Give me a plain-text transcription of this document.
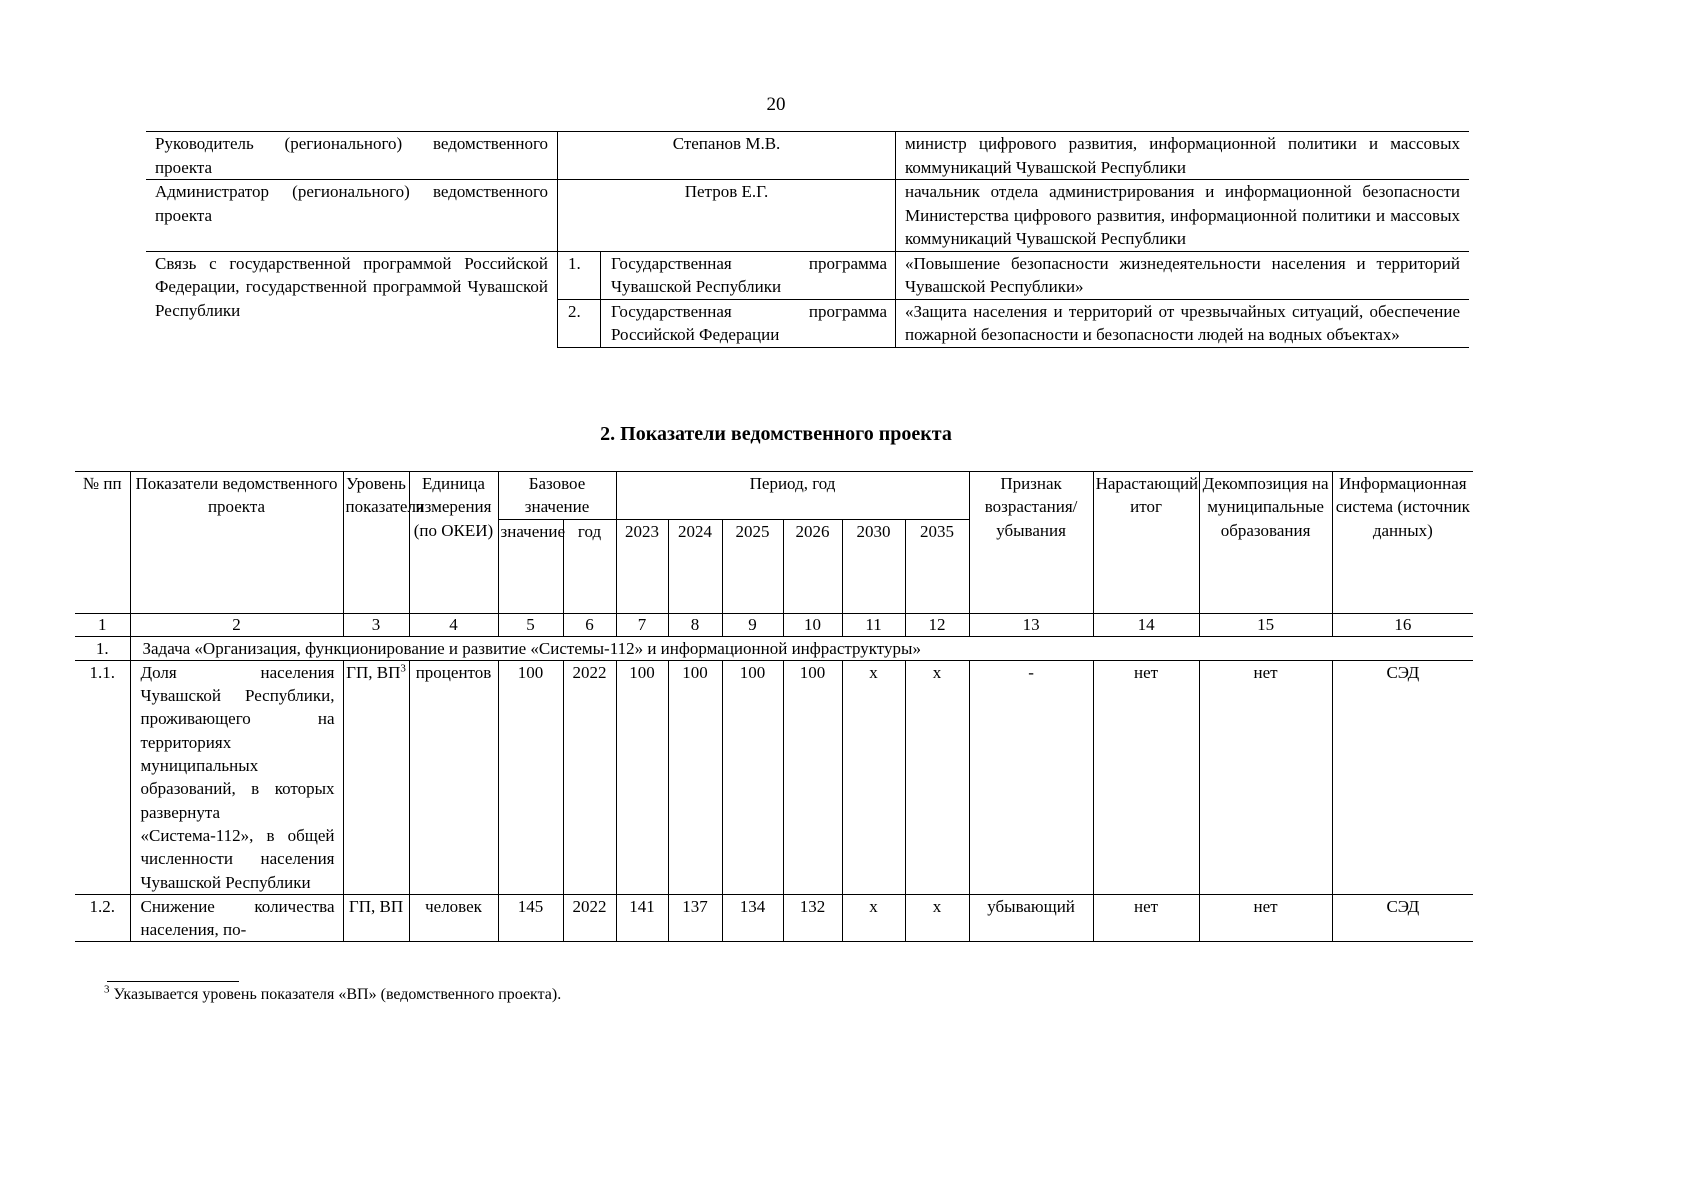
20
Руководитель (регионального) ведомственного проекта	Степанов М.В.		министр цифрового развития, информационной политики и массовых коммуникаций Чувашской Республики
Администратор (регионального) ведомственного проекта	Петров Е.Г.		начальник отдела администрирования и информационной безопасности Министерства цифрового развития, информационной политики и массовых коммуникаций Чувашской Республики
Связь с государственной программой Российской Федерации, государственной программой Чувашской Республики	1.	Государственная программа Чувашской Республики	«Повышение безопасности жизнедеятельности населения и территорий Чувашской Республики»
	2.	Государственная программа Российской Федерации	«Защита населения и территорий от чрезвычайных ситуаций, обеспечение пожарной безопасности и безопасности людей на водных объектах»
2. Показатели ведомственного проекта
№ пп	Показатели ведомственного проекта	Уровень показателя	Единица измерения (по ОКЕИ)	Базовое значение		Период, год						Признак возрастания/ убывания	Нарастающий итог	Декомпозиция на муниципальные образования	Информационная система (источник данных)
				значение	год	2023	2024	2025	2026	2030	2035				
1	2	3	4	5	6	7	8	9	10	11	12	13	14	15	16
1.	Задача «Организация, функционирование и развитие «Системы-112» и информационной инфраструктуры»														
1.1.	Доля населения Чувашской Республики, проживающего на территориях муниципальных образований, в которых развернута «Система-112», в общей численности населения Чувашской Республики	ГП, $ВП^3$	процентов	100	2022	100	100	100	100	х	х	-	нет	нет	СЭД
1.2.	Снижение количества населения, по-	ГП, ВП	человек	145	2022	141	137	134	132	х	х	убывающий	нет	нет	СЭД
$^3$ Указывается уровень показателя «ВП» (ведомственного проекта).
